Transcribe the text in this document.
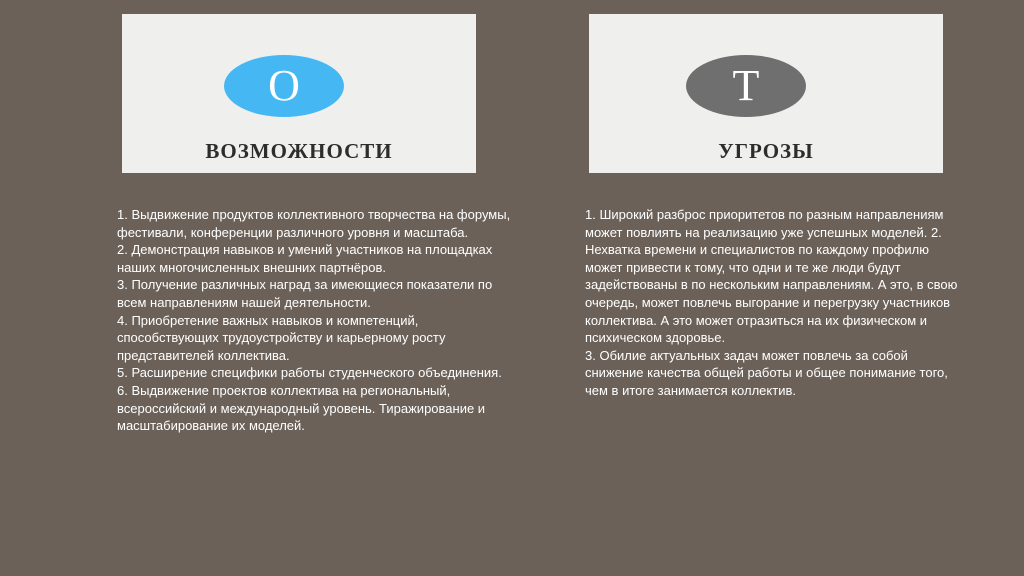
O
ВОЗМОЖНОСТИ
Т
УГРОЗЫ

1. Выдвижение продуктов коллективного творчества на форумы, фестивали, конференции различного уровня и масштаба.

2. Демонстрация навыков и умений участников на площадках наших многочисленных внешних партнёров.

3. Получение различных наград за имеющиеся показатели по всем направлениям нашей деятельности.

4. Приобретение важных навыков и компетенций, способствующих трудоустройству и карьерному росту представителей коллектива.

5. Расширение специфики работы студенческого объединения.

6. Выдвижение проектов коллектива на региональный, всероссийский и международный уровень. Тиражирование и масштабирование их моделей.

1. Широкий разброс приоритетов по разным направлениям может повлиять на реализацию уже успешных моделей. 2. Нехватка времени и специалистов по каждому профилю может привести к тому, что одни и те же люди будут задействованы в по нескольким направлениям. А это, в свою очередь, может повлечь выгорание и перегрузку участников коллектива. А это может отразиться на их физическом и психическом здоровье.

3. Обилие актуальных задач может повлечь за собой снижение качества общей работы и общее понимание того, чем в итоге занимается коллектив.
